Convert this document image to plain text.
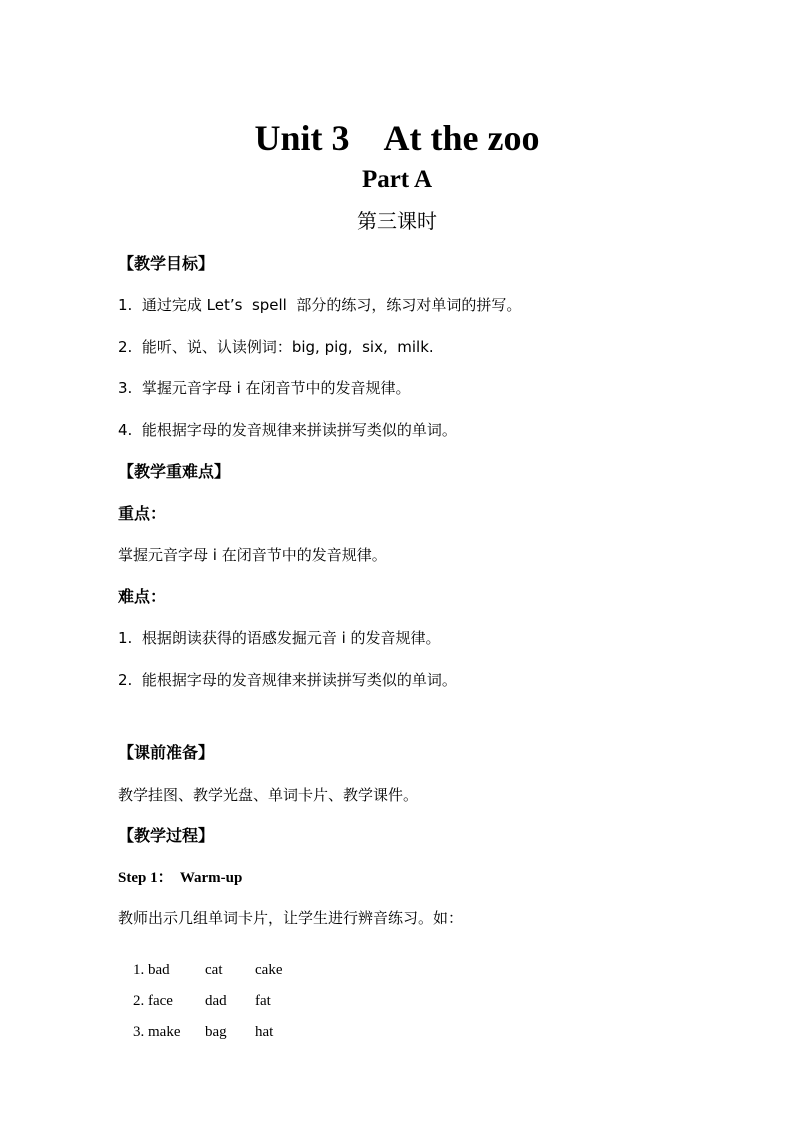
Unit 3    At the zoo
Part A
第三课时
【教学目标】
1.  通过完成 Let’s  spell  部分的练习，练习对单词的拼写。
2.  能听、说、认读例词：big, pig,  six,  milk.
3.  掌握元音字母 i 在闭音节中的发音规律。
4.  能根据字母的发音规律来拼读拼写类似的单词。
【教学重难点】
重点：
掌握元音字母 i 在闭音节中的发音规律。
难点：
1.  根据朗读获得的语感发掘元音 i 的发音规律。
2.  能根据字母的发音规律来拼读拼写类似的单词。
【课前准备】
教学挂图、教学光盘、单词卡片、教学课件。
【教学过程】
Step 1：  Warm-up
教师出示几组单词卡片，让学生进行辨音练习。如：

1. bad cat cake

2. face dad fat

3. make bag hat
